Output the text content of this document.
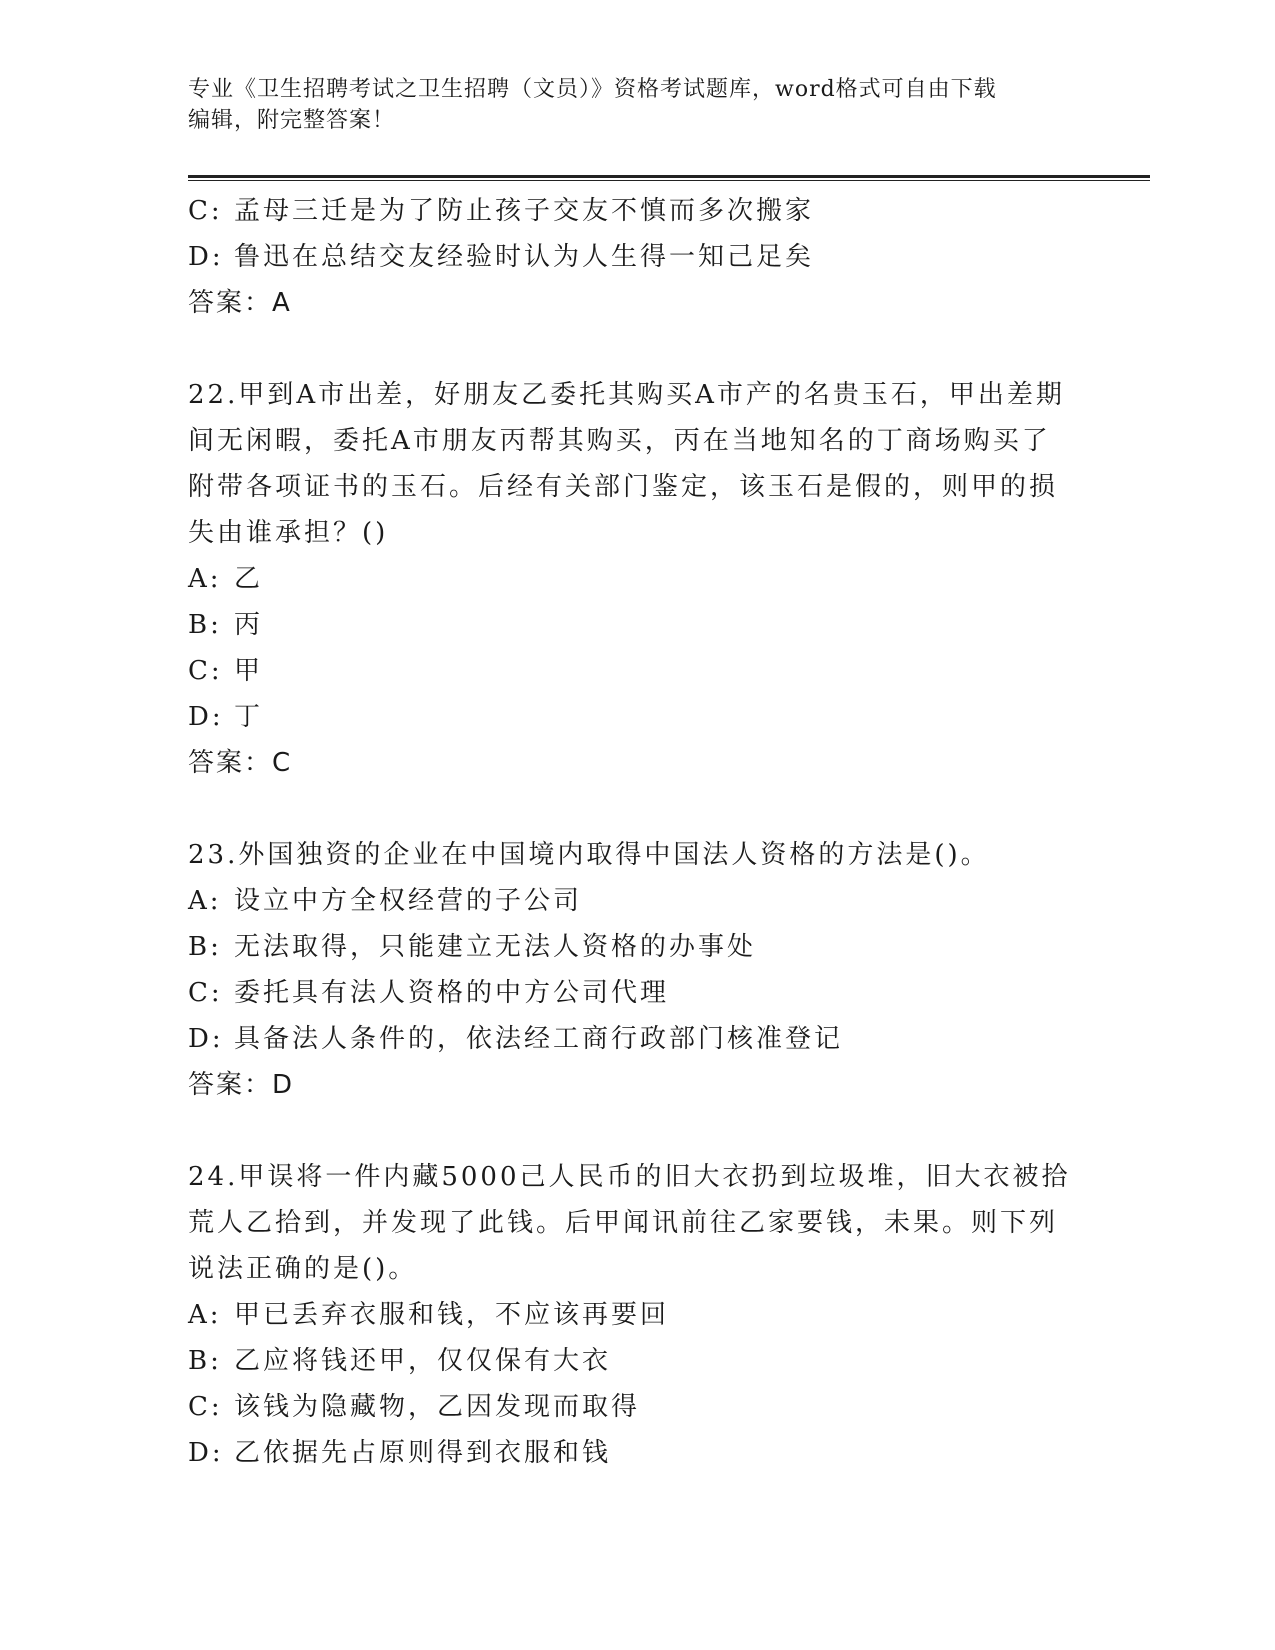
专业《卫生招聘考试之卫生招聘（文员）》资格考试题库，word格式可自由下载
编辑，附完整答案！
C: 孟母三迁是为了防止孩子交友不慎而多次搬家
D: 鲁迅在总结交友经验时认为人生得一知己足矣
答案：A
22.甲到A市出差，好朋友乙委托其购买A市产的名贵玉石，甲出差期
间无闲暇，委托A市朋友丙帮其购买，丙在当地知名的丁商场购买了
附带各项证书的玉石。后经有关部门鉴定，该玉石是假的，则甲的损
失由谁承担？()
A: 乙
B: 丙
C: 甲
D: 丁
答案：C
23.外国独资的企业在中国境内取得中国法人资格的方法是()。
A: 设立中方全权经营的子公司
B: 无法取得，只能建立无法人资格的办事处
C: 委托具有法人资格的中方公司代理
D: 具备法人条件的，依法经工商行政部门核准登记
答案：D
24.甲误将一件内藏5000己人民币的旧大衣扔到垃圾堆，旧大衣被拾
荒人乙拾到，并发现了此钱。后甲闻讯前往乙家要钱，未果。则下列
说法正确的是()。
A: 甲已丢弃衣服和钱，不应该再要回
B: 乙应将钱还甲，仅仅保有大衣
C: 该钱为隐藏物，乙因发现而取得
D: 乙依据先占原则得到衣服和钱
